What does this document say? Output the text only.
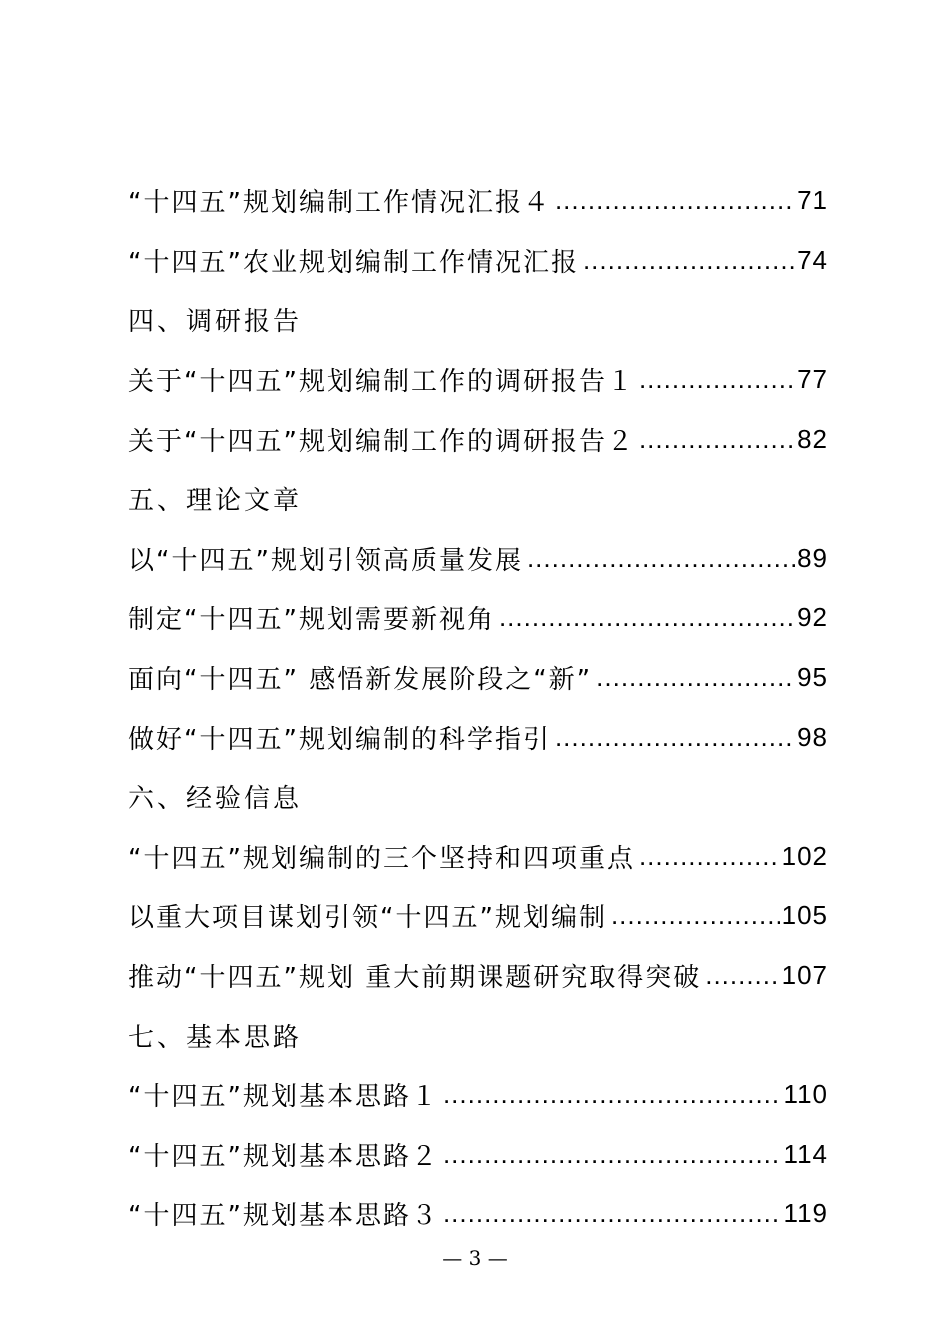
“十四五”规划编制工作情况汇报４ .....	71
“十四五”农业规划编制工作情况汇报 .....	74
四、调研报告
关于“十四五”规划编制工作的调研报告１ .....	77
关于“十四五”规划编制工作的调研报告２ .....	82
五、理论文章
以“十四五”规划引领高质量发展 .....	89
制定“十四五”规划需要新视角 .....	92
面向“十四五” 感悟新发展阶段之“新” .....	95
做好“十四五”规划编制的科学指引 .....	98
六、经验信息
“十四五”规划编制的三个坚持和四项重点 .....	102
以重大项目谋划引领“十四五”规划编制 .....	105
推动“十四五”规划 重大前期课题研究取得突破 .....	107
七、基本思路
“十四五”规划基本思路１ .....	110
“十四五”规划基本思路２ .....	114
“十四五”规划基本思路３ .....	119
— 3 —
